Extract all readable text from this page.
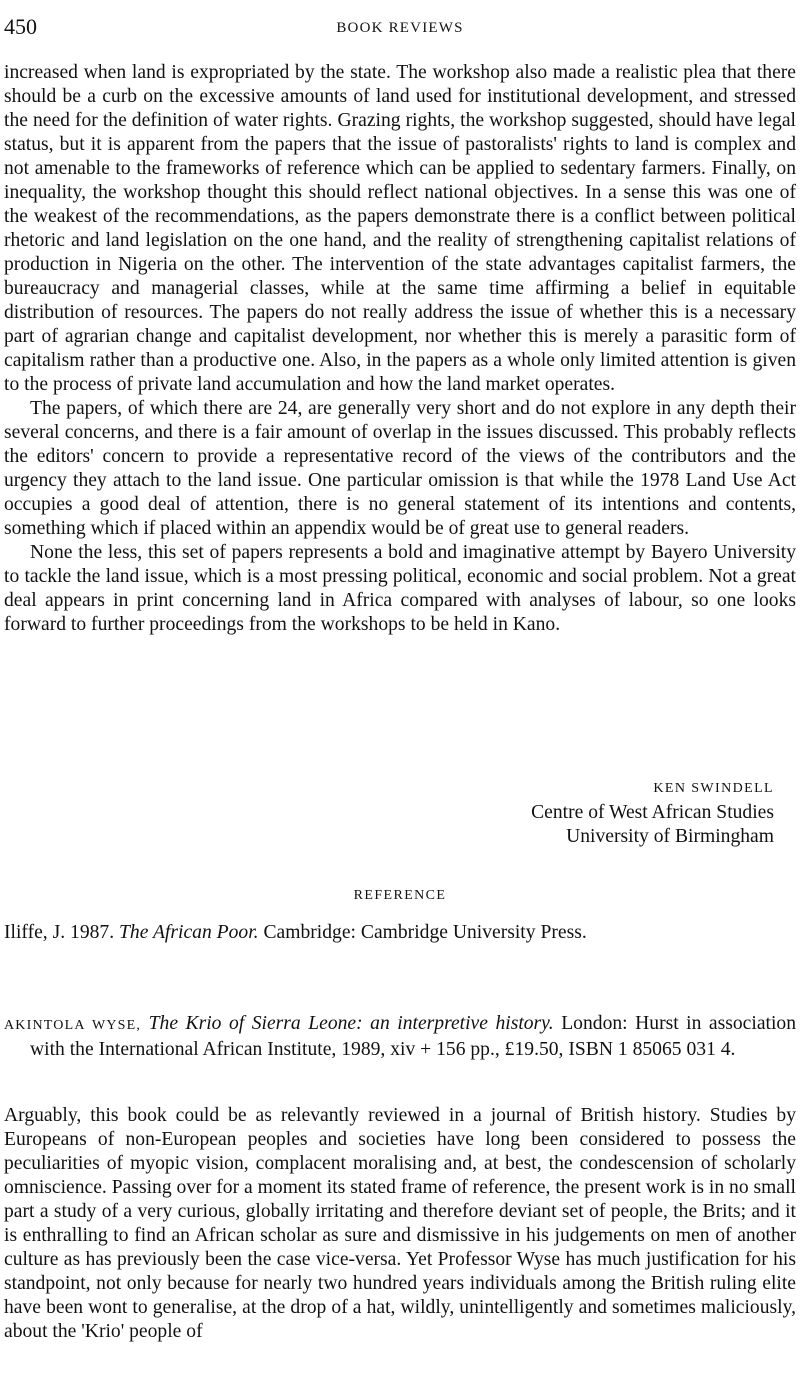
450	BOOK REVIEWS

increased when land is expropriated by the state. The workshop also made a realistic plea that there should be a curb on the excessive amounts of land used for institutional development, and stressed the need for the definition of water rights. Grazing rights, the workshop suggested, should have legal status, but it is apparent from the papers that the issue of pastoralists' rights to land is complex and not amenable to the frameworks of reference which can be applied to sedentary farmers. Finally, on inequality, the workshop thought this should reflect national objectives. In a sense this was one of the weakest of the recommendations, as the papers demonstrate there is a conflict between political rhetoric and land legislation on the one hand, and the reality of strengthening capitalist relations of production in Nigeria on the other. The intervention of the state advantages capitalist farmers, the bureaucracy and managerial classes, while at the same time affirming a belief in equitable distribution of resources. The papers do not really address the issue of whether this is a necessary part of agrarian change and capitalist development, nor whether this is merely a parasitic form of capitalism rather than a productive one. Also, in the papers as a whole only limited attention is given to the process of private land accumulation and how the land market operates.

The papers, of which there are 24, are generally very short and do not explore in any depth their several concerns, and there is a fair amount of overlap in the issues discussed. This probably reflects the editors' concern to provide a representative record of the views of the contributors and the urgency they attach to the land issue. One particular omission is that while the 1978 Land Use Act occupies a good deal of attention, there is no general statement of its intentions and contents, something which if placed within an appendix would be of great use to general readers.

None the less, this set of papers represents a bold and imaginative attempt by Bayero University to tackle the land issue, which is a most pressing political, economic and social problem. Not a great deal appears in print concerning land in Africa compared with analyses of labour, so one looks forward to further proceedings from the workshops to be held in Kano.

KEN SWINDELL
Centre of West African Studies
University of Birmingham
REFERENCE
Iliffe, J. 1987. The African Poor. Cambridge: Cambridge University Press.
AKINTOLA WYSE, The Krio of Sierra Leone: an interpretive history. London: Hurst in association with the International African Institute, 1989, xiv + 156 pp., £19.50, ISBN 1 85065 031 4.

Arguably, this book could be as relevantly reviewed in a journal of British history. Studies by Europeans of non-European peoples and societies have long been considered to possess the peculiarities of myopic vision, complacent moralising and, at best, the condescension of scholarly omniscience. Passing over for a moment its stated frame of reference, the present work is in no small part a study of a very curious, globally irritating and therefore deviant set of people, the Brits; and it is enthralling to find an African scholar as sure and dismissive in his judgements on men of another culture as has previously been the case vice-versa. Yet Professor Wyse has much justification for his standpoint, not only because for nearly two hundred years individuals among the British ruling elite have been wont to generalise, at the drop of a hat, wildly, unintelligently and sometimes maliciously, about the 'Krio' people of
